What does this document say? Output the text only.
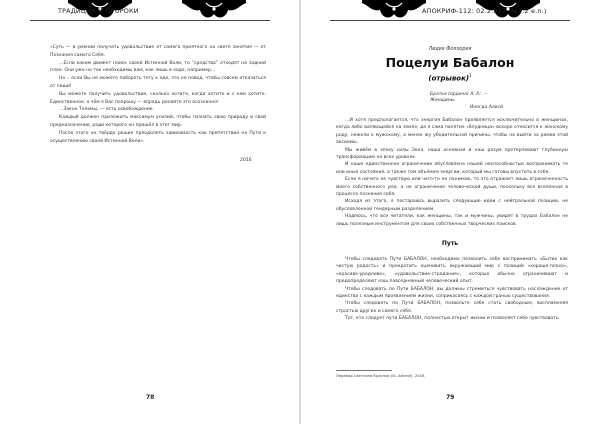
ТРАДИЦИИ И ПРОРОКИ

«Суть — в умении получать удовольствие от самого приятного на свете занятия — от Познания самого Себя.

…Если каким движет поиск своей Истинной Воли, то “средства” отходят на задний план. Они уже не так необходимы вам, как лишь в ходе, например…

Но… если Вы не можете побороть тягу к еде, это не повод, чтобы совсем отказаться от пищи!

Вы можете получить удовольствие, сколько хотите, когда хотите и с кем хотите. Единственное, о чём я Вас попрошу — впредь делайте это осознанно!

…Закон Телемы, — есть освобождение.

Каждый должен приложить максимум усилий, чтобы познать свою природу и свой предназначение, ради которого он пришёл в этот мир.

После этого он твёрдо решил преодолеть зависимость как препятствие на Пути к осуществлению своей Истинной Воли».

2016
78
АПОКРИФ-112: 02.2.017 (№5.2 e.n.)
Лидия Фоллория
Поцелуи Бабалон
(отрывок)$^1$
Братья (ордена) А∴А∴ —
Женщины.
Иногда Алисй

…И хотя предполагается, что энергия Бабалон проявляется исключительно в женщинах, когда либо валяющейся на земле, да я сама понятие «блудница» вскоре относится к женскому роду, нежели к мужскому, а менее жу убедительной причины, чтобы не выйти за рамки этой аксиомы.

Мы живём в эпоху силы Эона, наша основная и наш разум претерпевают глубинную трансформацию на всех уровнях.

И наше единственное ограничение обусловлено нашей неспособностью воспринимать те или иные состояния, а также тем объёмом энергии, который мы готовы впустить в себя.

Если я ничего не чувствую или чего-то не понимаю, то это отражает лишь ограниченность моего собственного ума, а не ограничение человеческой души, поскольку вся вселенная в процессе познания себя.

Исходя из этого, я постараюсь выразить следующие идеи с нейтральной позиции, не обусловленной гендерным разделением.

Надеюсь, что все читатели, как женщины, так и мужчины, увидят в трудах Бабалон не лишь полезным инструментом для своих собственных творческих поисков.

Путь

Чтобы следовать Пути БАБАЛОН, необходимо позволить себе воспринимать «Бытие как чистую радость» и прекратить оценивать окружающий мир с позиций «хорошо-плохо», «красиво-уродливо», «удовольствие-страдание», которые обычно ограничивают и предопределяют наш повседневный человеческий опыт.

Чтобы следовать по Пути БАБАЛОН, вы должны стремиться чувствовать наслаждение от единства с каждым проявлением жизни, соприкасаясь с каждой гранью существования.

Чтобы следовать по Пути БАБАЛОН, позвольте себе стать свободным, воспламеняя страстью других и самого себя.

Тот, кто следует пути БАБАЛОН, полностью открыт жизни и позволяет себе чувствовать.

Перевод Светлана Краснов (Sr. Athenē), 2016.
79
